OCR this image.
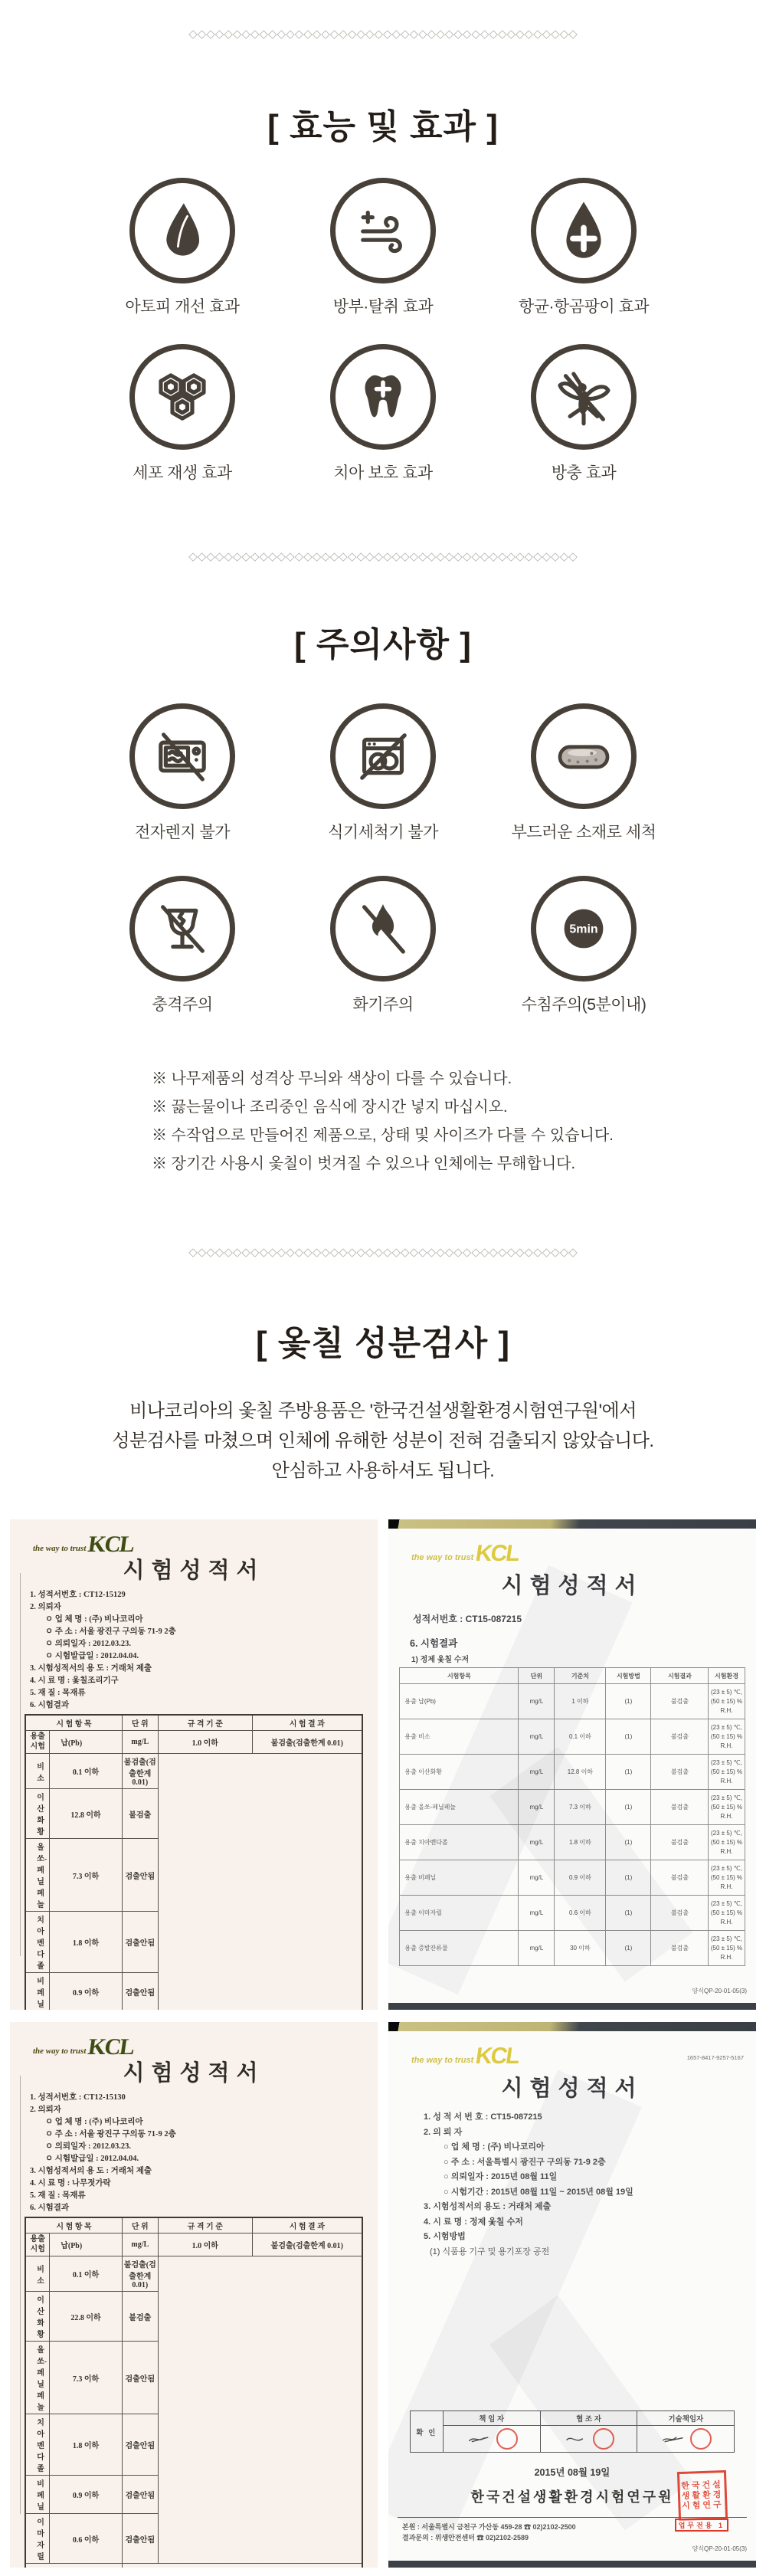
◇◇◇◇◇◇◇◇◇◇◇◇◇◇◇◇◇◇◇◇◇◇◇◇◇◇◇◇◇◇◇◇◇◇◇◇◇◇◇◇◇◇◇◇
[ 효능 및 효과 ]
아토피 개선 효과	방부·탈취 효과	항균·항곰팡이 효과
세포 재생 효과	치아 보호 효과	방충 효과
◇◇◇◇◇◇◇◇◇◇◇◇◇◇◇◇◇◇◇◇◇◇◇◇◇◇◇◇◇◇◇◇◇◇◇◇◇◇◇◇◇◇◇◇
[ 주의사항 ]
전자렌지 불가	식기세척기 불가	부드러운 소재로 세척
충격주의	화기주의
5min
수침주의(5분이내)
※ 나무제품의 성격상 무늬와 색상이 다를 수 있습니다.
※ 끓는물이나 조리중인 음식에 장시간 넣지 마십시오.
※ 수작업으로 만들어진 제품으로, 상태 및 사이즈가 다를 수 있습니다.
※ 장기간 사용시 옻칠이 벗겨질 수 있으나 인체에는 무해합니다.
◇◇◇◇◇◇◇◇◇◇◇◇◇◇◇◇◇◇◇◇◇◇◇◇◇◇◇◇◇◇◇◇◇◇◇◇◇◇◇◇◇◇◇◇
[ 옻칠 성분검사 ]
비나코리아의 옻칠 주방용품은 '한국건설생활환경시험연구원'에서
성분검사를 마쳤으며 인체에 유해한 성분이 전혀 검출되지 않았습니다.
안심하고 사용하셔도 됩니다.
the way to trust KCL
시험성적서
1. 성적서번호 : CT12-15129
2. 의뢰자
ㅇ 업 체 명 : (주) 비나코리아
ㅇ 주 소 : 서울 광진구 구의동 71-9 2층
ㅇ 의뢰일자 : 2012.03.23.
ㅇ 시험발급일 : 2012.04.04.
3. 시험성적서의 용 도 : 거래처 제출
4. 시 료 명 : 옻칠조리기구
5. 재 질 : 목재류
6. 시험결과
시 험 항 목		단 위	규 격 기 준	시 험 결 과
용출
시험	납(Pb)	mg/L	1.0 이하	불검출(검출한계 0.01)
비소	0.1 이하	불검출(검출한계 0.01)		
이산화황	12.8 이하	불검출		
올쏘-페닐페놀	7.3 이하	검출안됨		
치아벤다졸	1.8 이하	검출안됨		
비페닐	0.9 이하	검출안됨		

the way to trust KCL
시험성적서
성적서번호 : CT15-087215
6. 시험결과
1) 정제 옻칠 수저
시험항목	단위	기준치	시험방법	시험결과	시험환경
용출 납(Pb)	mg/L	1 이하	(1)	불검출	(23 ± 5) ℃, (50 ± 15) % R.H.
용출 비소	mg/L	0.1 이하	(1)	불검출	(23 ± 5) ℃, (50 ± 15) % R.H.
용출 이산화황	mg/L	12.8 이하	(1)	불검출	(23 ± 5) ℃, (50 ± 15) % R.H.
용출 올쏘-페닐페놀	mg/L	7.3 이하	(1)	불검출	(23 ± 5) ℃, (50 ± 15) % R.H.
용출 치아벤다졸	mg/L	1.8 이하	(1)	불검출	(23 ± 5) ℃, (50 ± 15) % R.H.
용출 비페닐	mg/L	0.9 이하	(1)	불검출	(23 ± 5) ℃, (50 ± 15) % R.H.
용출 이마자릴	mg/L	0.6 이하	(1)	불검출	(23 ± 5) ℃, (50 ± 15) % R.H.
용출 증발잔류물	mg/L	30 이하	(1)	불검출	(23 ± 5) ℃, (50 ± 15) % R.H.
양식QP-20-01-05(3)
the way to trust KCL
시험성적서
1. 성적서번호 : CT12-15130
2. 의뢰자
ㅇ 업 체 명 : (주) 비나코리아
ㅇ 주 소 : 서울 광진구 구의동 71-9 2층
ㅇ 의뢰일자 : 2012.03.23.
ㅇ 시험발급일 : 2012.04.04.
3. 시험성적서의 용 도 : 거래처 제출
4. 시 료 명 : 나무젓가락
5. 재 질 : 목재류
6. 시험결과
시 험 항 목		단 위	규 격 기 준	시 험 결 과
용출
시험	납(Pb)	mg/L	1.0 이하	불검출(검출한계 0.01)
비소	0.1 이하	불검출(검출한계 0.01)		
이산화황	22.8 이하	불검출		
올쏘-페닐페놀	7.3 이하	검출안됨		
치아벤다졸	1.8 이하	검출안됨		
비페닐	0.9 이하	검출안됨		
이마자릴	0.6 이하	검출안됨		

1657-8417-9257-5167
the way to trust KCL
시험성적서
1. 성 적 서 번 호 : CT15-087215
2. 의 뢰 자
○ 업 체 명 : (주) 비나코리아
○ 주 소 : 서울특별시 광진구 구의동 71-9 2층
○ 의뢰일자 : 2015년 08월 11일
○ 시험기간 : 2015년 08월 11일 ~ 2015년 08월 19일
3. 시험성적서의 용도 : 거래처 제출
4. 시 료 명 : 정제 옻칠 수저
5. 시험방법
(1) 식품용 기구 및 용기포장 공전
확 인
책 임 자	협 조 자	기술책임자
2015년 08월 19일
한국건설생활환경시험연구원
한국건설
생활환경
시험연구
업무전용 1
본원 : 서울특별시 금천구 가산동 459-28 ☎ 02)2102-2500
결과문의 : 위생안전센터 ☎ 02)2102-2589
양식QP-20-01-05(3)
